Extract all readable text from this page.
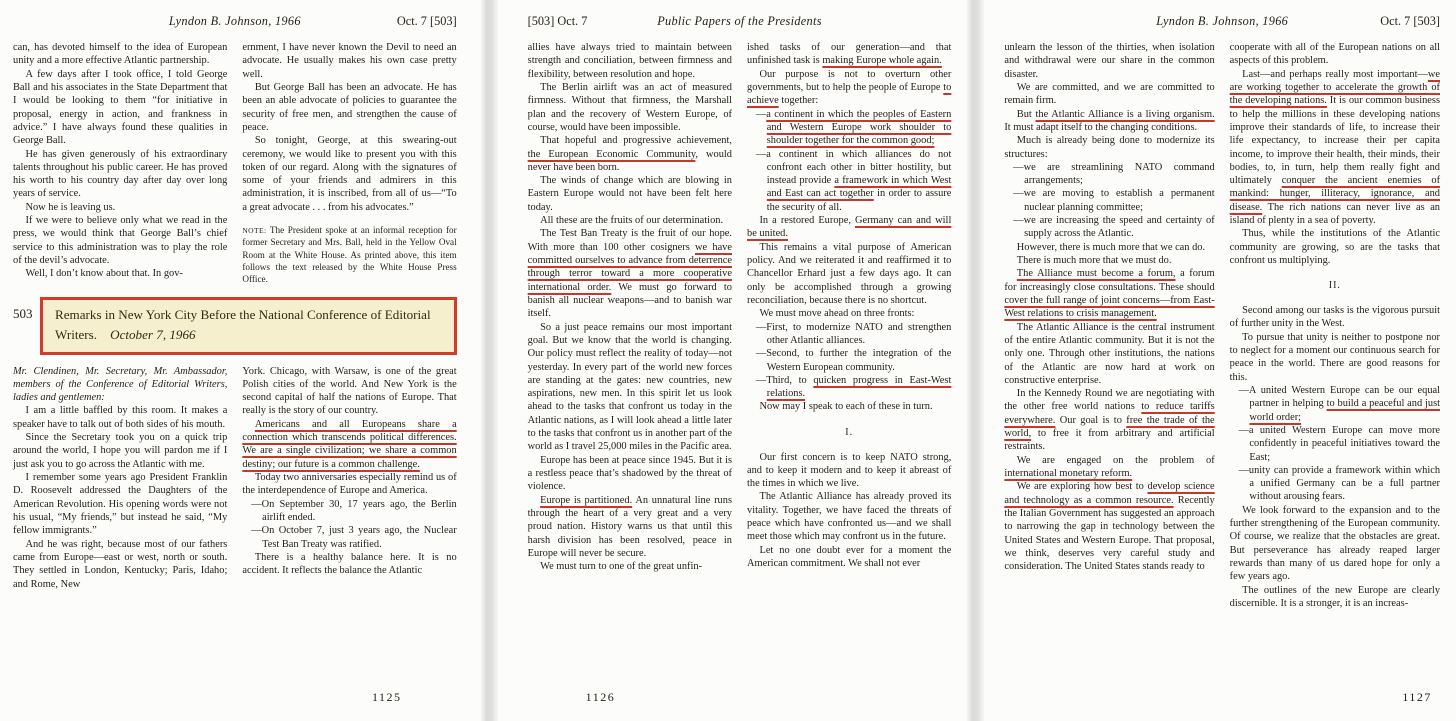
Lyndon B. Johnson, 1966	Oct. 7 [503]

can, has devoted himself to the idea of European unity and a more effective Atlantic partnership.

A few days after I took office, I told George Ball and his associates in the State Department that I would be looking to them “for initiative in proposal, energy in action, and frankness in advice.” I have always found these qualities in George Ball.

He has given generously of his extraordinary talents throughout his public career. He has proved his worth to his country day after day over long years of service.

Now he is leaving us.

If we were to believe only what we read in the press, we would think that George Ball’s chief service to this administration was to play the role of the devil’s advocate.

Well, I don’t know about that. In gov-

ernment, I have never known the Devil to need an advocate. He usually makes his own case pretty well.

But George Ball has been an advocate. He has been an able advocate of policies to guarantee the security of free men, and strengthen the cause of peace.

So tonight, George, at this swearing-out ceremony, we would like to present you with this token of our regard. Along with the signatures of some of your friends and admirers in this administration, it is inscribed, from all of us—“To a great advocate . . . from his advocates.”

NOTE: The President spoke at an informal reception for former Secretary and Mrs. Ball, held in the Yellow Oval Room at the White House. As printed above, this item follows the text released by the White House Press Office.

503	Remarks in New York City Before the National Conference of Editorial Writers. October 7, 1966

Mr. Clendinen, Mr. Secretary, Mr. Ambassador, members of the Conference of Editorial Writers, ladies and gentlemen:

I am a little baffled by this room. It makes a speaker have to talk out of both sides of his mouth.

Since the Secretary took you on a quick trip around the world, I hope you will pardon me if I just ask you to go across the Atlantic with me.

I remember some years ago President Franklin D. Roosevelt addressed the Daughters of the American Revolution. His opening words were not his usual, “My friends,” but instead he said, “My fellow immigrants.”

And he was right, because most of our fathers came from Europe—east or west, north or south. They settled in London, Kentucky; Paris, Idaho; and Rome, New

York. Chicago, with Warsaw, is one of the great Polish cities of the world. And New York is the second capital of half the nations of Europe. That really is the story of our country.

Americans and all Europeans share a connection which transcends political differences. We are a single civilization; we share a common destiny; our future is a common challenge.

Today two anniversaries especially remind us of the interdependence of Europe and America.

—On September 30, 17 years ago, the Berlin airlift ended.

—On October 7, just 3 years ago, the Nuclear Test Ban Treaty was ratified.

There is a healthy balance here. It is no accident. It reflects the balance the Atlantic

1125
[503] Oct. 7	Public Papers of the Presidents

allies have always tried to maintain between strength and conciliation, between firmness and flexibility, between resolution and hope.

The Berlin airlift was an act of measured firmness. Without that firmness, the Marshall plan and the recovery of Western Europe, of course, would have been impossible.

That hopeful and progressive achievement, the European Economic Community, would never have been born.

The winds of change which are blowing in Eastern Europe would not have been felt here today.

All these are the fruits of our determination.

The Test Ban Treaty is the fruit of our hope. With more than 100 other cosigners we have committed ourselves to advance from deterrence through terror toward a more cooperative international order. We must go forward to banish all nuclear weapons—and to banish war itself.

So a just peace remains our most important goal. But we know that the world is changing. Our policy must reflect the reality of today—not yesterday. In every part of the world new forces are standing at the gates: new countries, new aspirations, new men. In this spirit let us look ahead to the tasks that confront us today in the Atlantic nations, as I will look ahead a little later to the tasks that confront us in another part of the world as I travel 25,000 miles in the Pacific area.

Europe has been at peace since 1945. But it is a restless peace that’s shadowed by the threat of violence.

Europe is partitioned. An unnatural line runs through the heart of a very great and a very proud nation. History warns us that until this harsh division has been resolved, peace in Europe will never be secure.

We must turn to one of the great unfin-

ished tasks of our generation—and that unfinished task is making Europe whole again.

Our purpose is not to overturn other governments, but to help the people of Europe to achieve together:

—a continent in which the peoples of Eastern and Western Europe work shoulder to shoulder together for the common good;

—a continent in which alliances do not confront each other in bitter hostility, but instead provide a framework in which West and East can act together in order to assure the security of all.

In a restored Europe, Germany can and will be united.

This remains a vital purpose of American policy. And we reiterated it and reaffirmed it to Chancellor Erhard just a few days ago. It can only be accomplished through a growing reconciliation, because there is no shortcut.

We must move ahead on three fronts:

—First, to modernize NATO and strengthen other Atlantic alliances.

—Second, to further the integration of the Western European community.

—Third, to quicken progress in East-West relations.

Now may I speak to each of these in turn.

I.

Our first concern is to keep NATO strong, and to keep it modern and to keep it abreast of the times in which we live.

The Atlantic Alliance has already proved its vitality. Together, we have faced the threats of peace which have confronted us—and we shall meet those which may confront us in the future.

Let no one doubt ever for a moment the American commitment. We shall not ever

1126
Lyndon B. Johnson, 1966	Oct. 7 [503]

unlearn the lesson of the thirties, when isolation and withdrawal were our share in the common disaster.

We are committed, and we are committed to remain firm.

But the Atlantic Alliance is a living organism. It must adapt itself to the changing conditions.

Much is already being done to modernize its structures:

—we are streamlining NATO command arrangements;

—we are moving to establish a permanent nuclear planning committee;

—we are increasing the speed and certainty of supply across the Atlantic.

However, there is much more that we can do.

There is much more that we must do.

The Alliance must become a forum, a forum for increasingly close consultations. These should cover the full range of joint concerns—from East-West relations to crisis management.

The Atlantic Alliance is the central instrument of the entire Atlantic community. But it is not the only one. Through other institutions, the nations of the Atlantic are now hard at work on constructive enterprise.

In the Kennedy Round we are negotiating with the other free world nations to reduce tariffs everywhere. Our goal is to free the trade of the world, to free it from arbitrary and artificial restraints.

We are engaged on the problem of international monetary reform.

We are exploring how best to develop science and technology as a common resource. Recently the Italian Government has suggested an approach to narrowing the gap in technology between the United States and Western Europe. That proposal, we think, deserves very careful study and consideration. The United States stands ready to

cooperate with all of the European nations on all aspects of this problem.

Last—and perhaps really most important—we are working together to accelerate the growth of the developing nations. It is our common business to help the millions in these developing nations improve their standards of life, to increase their life expectancy, to increase their per capita income, to improve their health, their minds, their bodies, to, in turn, help them really fight and ultimately conquer the ancient enemies of mankind: hunger, illiteracy, ignorance, and disease. The rich nations can never live as an island of plenty in a sea of poverty.

Thus, while the institutions of the Atlantic community are growing, so are the tasks that confront us multiplying.

II.

Second among our tasks is the vigorous pursuit of further unity in the West.

To pursue that unity is neither to postpone nor to neglect for a moment our continuous search for peace in the world. There are good reasons for this.

—A united Western Europe can be our equal partner in helping to build a peaceful and just world order;

—a united Western Europe can move more confidently in peaceful initiatives toward the East;

—unity can provide a framework within which a unified Germany can be a full partner without arousing fears.

We look forward to the expansion and to the further strengthening of the European community. Of course, we realize that the obstacles are great. But perseverance has already reaped larger rewards than many of us dared hope for only a few years ago.

The outlines of the new Europe are clearly discernible. It is a stronger, it is an increas-

1127
